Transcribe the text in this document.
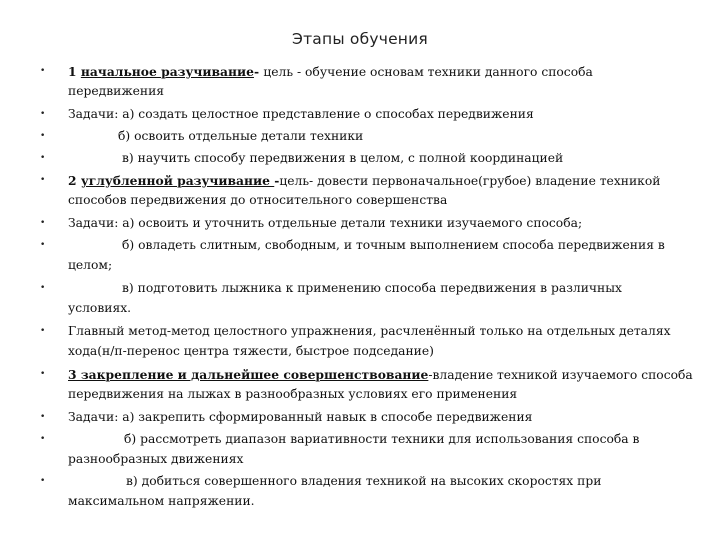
Этапы обучения
•	1 начальное разучивание- цель - обучение основам техники данного способа
передвижения
•	Задачи: а) создать целостное представление о способах передвижения
•	б) освоить отдельные детали техники
•	в) научить способу передвижения в целом, с полной координацией
•	2 углубленной разучивание -цель- довести первоначальное(грубое) владение техникой
способов передвижения до относительного совершенства
•	Задачи: а) освоить и уточнить отдельные детали техники изучаемого способа;
•	б) овладеть слитным, свободным, и точным выполнением способа передвижения в
целом;
•	в) подготовить лыжника к применению способа передвижения в различных
условиях.
•	Главный метод-метод целостного упражнения, расчленённый только на отдельных деталях
хода(н/п-перенос центра тяжести, быстрое подседание)
•	3 закрепление и дальнейшее совершенствование-владение техникой изучаемого способа
передвижения на лыжах в разнообразных условиях его применения
•	Задачи: а) закрепить сформированный навык в способе передвижения
•	б) рассмотреть диапазон вариативности техники для использования способа в
разнообразных движениях
•	в) добиться совершенного владения техникой на высоких скоростях при
максимальном напряжении.
